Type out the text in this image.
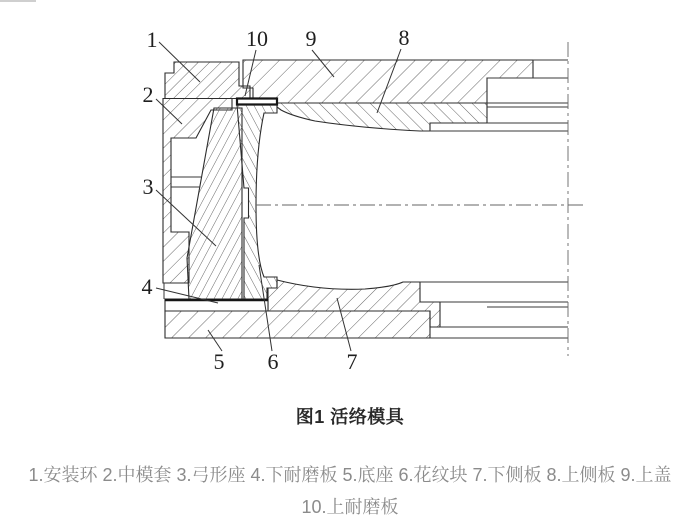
1	10 9	8
2
3
4
5 6	7
图1 活络模具
1.安装环 2.中模套 3.弓形座 4.下耐磨板 5.底座 6.花纹块 7.下侧板 8.上侧板 9.上盖
10.上耐磨板
